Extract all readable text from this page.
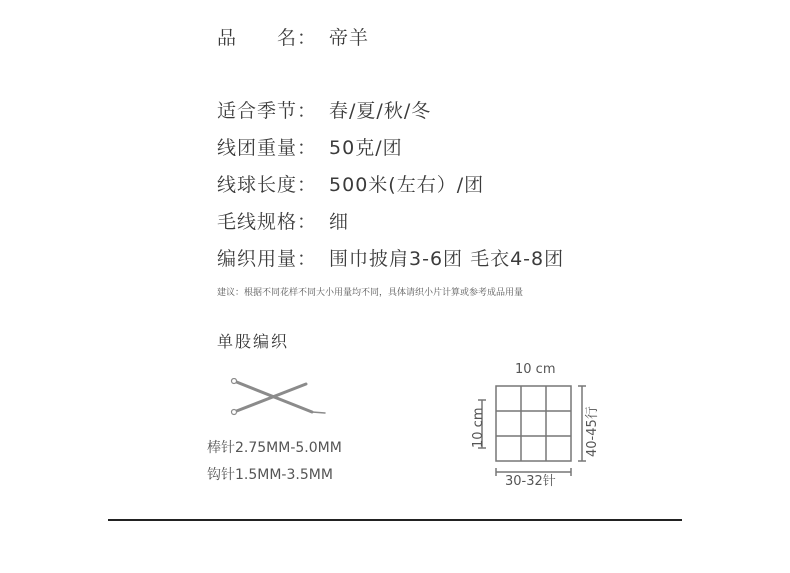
品　　名： 帝羊
适合季节： 春/夏/秋/冬
线团重量： 50克/团
线球长度： 500米(左右）/团
毛线规格： 细
编织用量： 围巾披肩3-6团 毛衣4-8团
建议：根据不同花样不同大小用量均不同，具体请织小片计算或参考成品用量
单股编织
棒针2.75MM-5.0MM
钩针1.5MM-3.5MM
10 cm
10 cm	40-45行
30-32针
